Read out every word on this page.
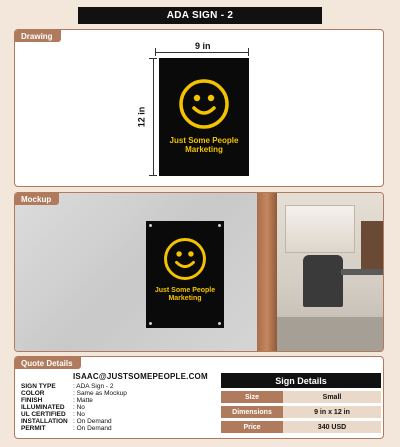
ADA SIGN - 2
Drawing
9 in
12 in
Just Some People
Marketing
Mockup
Just Some People
Marketing
Quote Details
ISAAC@JUSTSOMEPEOPLE.COM
SIGN TYPE	: ADA Sign - 2
COLOR	: Same as Mockup
FINISH	: Matte
ILLUMINATED	: No
UL CERTIFIED	: No
INSTALLATION : On Demand
PERMIT	: On Demand
Sign Details
Size	Small
Dimensions	9 in x 12 in
Price	340 USD
